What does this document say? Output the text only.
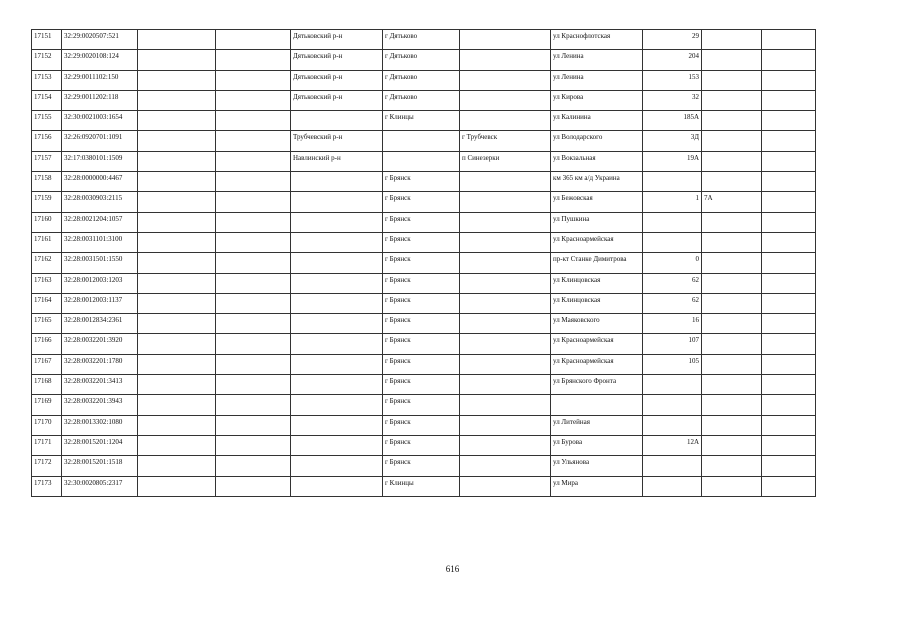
17151	32:29:0020507:521			Дятьковский р-н	г Дятьково		ул Краснофлотская	29		
17152	32:29:0020108:124			Дятьковский р-н	г Дятьково		ул Ленина	204		
17153	32:29:0011102:150			Дятьковский р-н	г Дятьково		ул Ленина	153		
17154	32:29:0011202:118			Дятьковский р-н	г Дятьково		ул Кирова	32		
17155	32:30:0021003:1654				г Клинцы		ул Калинина	185А		
17156	32:26:0920701:1091			Трубчевский р-н		г Трубчевск	ул Володарского	3Д		
17157	32:17:0380101:1509			Навлинский р-н		п Синезерки	ул Вокзальная	19А		
17158	32:28:0000000:4467				г Брянск		км 365 км а/д Украина			
17159	32:28:0030903:2115				г Брянск		ул Бежовская	1	7А	
17160	32:28:0021204:1057				г Брянск		ул Пушкина			
17161	32:28:0031101:3100				г Брянск		ул Красноармейская			
17162	32:28:0031501:1550				г Брянск		пр-кт Станке Димитрова	0		
17163	32:28:0012003:1203				г Брянск		ул Клинцовская	62		
17164	32:28:0012003:1137				г Брянск		ул Клинцовская	62		
17165	32:28:0012834:2361				г Брянск		ул Маяковского	16		
17166	32:28:0032201:3920				г Брянск		ул Красноармейская	107		
17167	32:28:0032201:1780				г Брянск		ул Красноармейская	105		
17168	32:28:0032201:3413				г Брянск		ул Брянского Фронта			
17169	32:28:0032201:3943				г Брянск					
17170	32:28:0013302:1080				г Брянск		ул Литейная			
17171	32:28:0015201:1204				г Брянск		ул Бурова	12А		
17172	32:28:0015201:1518				г Брянск		ул Ульянова			
17173	32:30:0020805:2317				г Клинцы		ул Мира			
616
